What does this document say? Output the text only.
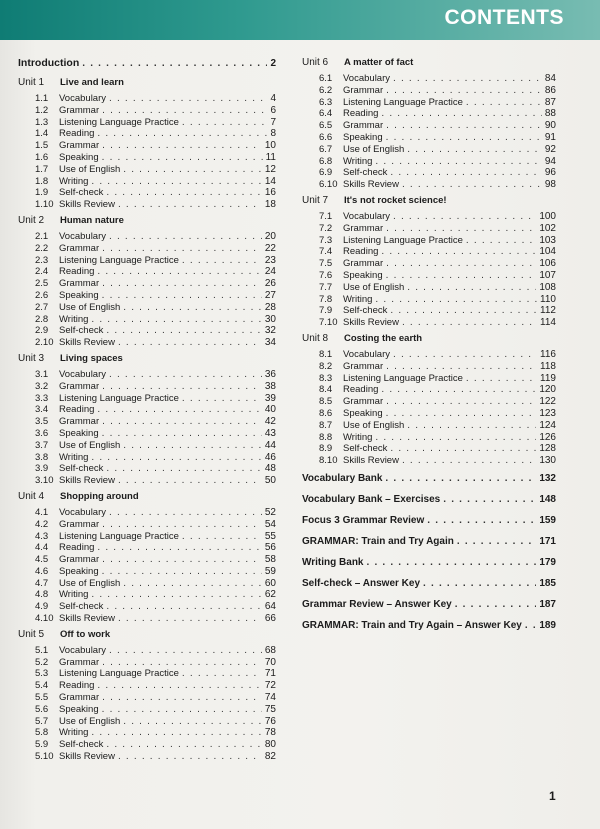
CONTENTS
Introduction . . .	2
Unit 1	Live and learn
1.1	Vocabulary . . .	4
1.2	Grammar . . .	6
1.3	Listening Language Practice . . .	7
1.4	Reading . . .	8
1.5	Grammar . . .	10
1.6	Speaking . . .	11
1.7	Use of English . . .	12
1.8	Writing . . .	14
1.9	Self-check . . .	16
1.10 Skills Review . . .	18
Unit 2	Human nature
2.1	Vocabulary . . .	20
2.2	Grammar . . .	22
2.3	Listening Language Practice . . .	23
2.4	Reading . . .	24
2.5	Grammar . . .	26
2.6	Speaking . . .	27
2.7	Use of English . . .	28
2.8	Writing . . .	30
2.9	Self-check . . .	32
2.10 Skills Review . . .	34
Unit 3	Living spaces
3.1	Vocabulary . . .	36
3.2	Grammar . . .	38
3.3	Listening Language Practice . . .	39
3.4	Reading . . .	40
3.5	Grammar . . .	42
3.6	Speaking . . .	43
3.7	Use of English . . .	44
3.8	Writing . . .	46
3.9	Self-check . . .	48
3.10 Skills Review . . .	50
Unit 4	Shopping around
4.1	Vocabulary . . .	52
4.2	Grammar . . .	54
4.3	Listening Language Practice . . .	55
4.4	Reading . . .	56
4.5	Grammar . . .	58
4.6	Speaking . . .	59
4.7	Use of English . . .	60
4.8	Writing . . .	62
4.9	Self-check . . .	64
4.10 Skills Review . . .	66
Unit 5	Off to work
5.1	Vocabulary . . .	68
5.2	Grammar . . .	70
5.3	Listening Language Practice . . .	71
5.4	Reading . . .	72
5.5	Grammar . . .	74
5.6	Speaking . . .	75
5.7	Use of English . . .	76
5.8	Writing . . .	78
5.9	Self-check . . .	80
5.10 Skills Review . . .	82
Unit 6	A matter of fact
6.1	Vocabulary . . .	84
6.2	Grammar . . .	86
6.3	Listening Language Practice . . .	87
6.4	Reading . . .	88
6.5	Grammar . . .	90
6.6	Speaking . . .	91
6.7	Use of English . . .	92
6.8	Writing . . .	94
6.9	Self-check . . .	96
6.10 Skills Review . . .	98
Unit 7	It's not rocket science!
7.1	Vocabulary . . .	100
7.2	Grammar . . .	102
7.3	Listening Language Practice . . .	103
7.4	Reading . . .	104
7.5	Grammar . . .	106
7.6	Speaking . . .	107
7.7	Use of English . . .	108
7.8	Writing . . .	110
7.9	Self-check . . .	112
7.10 Skills Review . . .	114
Unit 8	Costing the earth
8.1	Vocabulary . . .	116
8.2	Grammar . . .	118
8.3	Listening Language Practice . . .	119
8.4	Reading . . .	120
8.5	Grammar . . .	122
8.6	Speaking . . .	123
8.7	Use of English . . .	124
8.8	Writing . . .	126
8.9	Self-check . . .	128
8.10 Skills Review . . .	130
Vocabulary Bank . . .	132
Vocabulary Bank – Exercises . . .	148
Focus 3 Grammar Review . . .	159
GRAMMAR: Train and Try Again . . .	171
Writing Bank . . .	179
Self-check – Answer Key . . .	185
Grammar Review – Answer Key . . .	187
GRAMMAR: Train and Try Again – Answer Key . . . 189
1
